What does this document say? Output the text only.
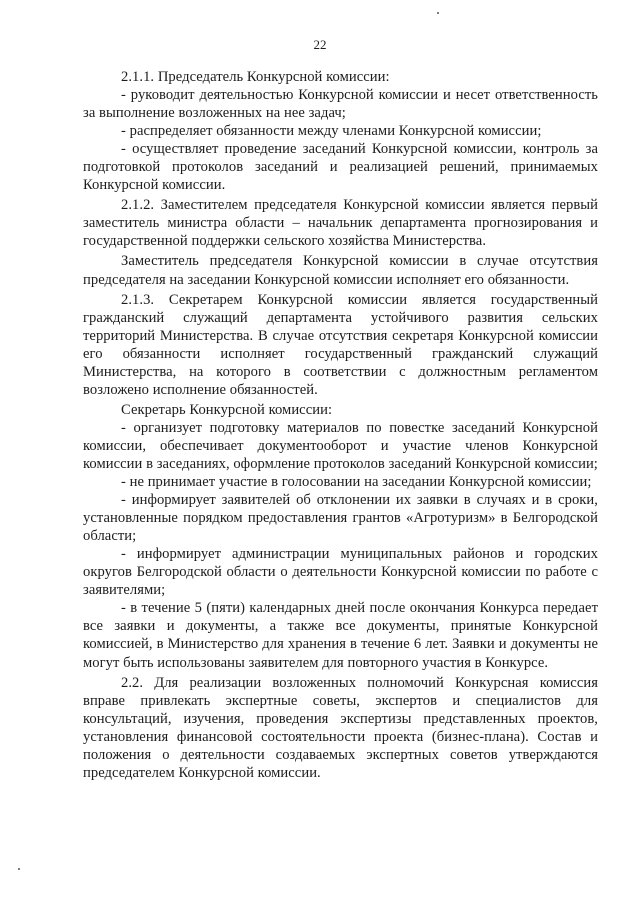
22

2.1.1. Председатель Конкурсной комиссии:

- руководит деятельностью Конкурсной комиссии и несет ответственность за выполнение возложенных на нее задач;

- распределяет обязанности между членами Конкурсной комиссии;

- осуществляет проведение заседаний Конкурсной комиссии, контроль за подготовкой протоколов заседаний и реализацией решений, принимаемых Конкурсной комиссии.

2.1.2. Заместителем председателя Конкурсной комиссии является первый заместитель министра области – начальник департамента прогнозирования и государственной поддержки сельского хозяйства Министерства.

Заместитель председателя Конкурсной комиссии в случае отсутствия председателя на заседании Конкурсной комиссии исполняет его обязанности.

2.1.3. Секретарем Конкурсной комиссии является государственный гражданский служащий департамента устойчивого развития сельских территорий Министерства. В случае отсутствия секретаря Конкурсной комиссии его обязанности исполняет государственный гражданский служащий Министерства, на которого в соответствии с должностным регламентом возложено исполнение обязанностей.

Секретарь Конкурсной комиссии:

- организует подготовку материалов по повестке заседаний Конкурсной комиссии, обеспечивает документооборот и участие членов Конкурсной комиссии в заседаниях, оформление протоколов заседаний Конкурсной комиссии;

- не принимает участие в голосовании на заседании Конкурсной комиссии;

- информирует заявителей об отклонении их заявки в случаях и в сроки, установленные порядком предоставления грантов «Агротуризм» в Белгородской области;

- информирует администрации муниципальных районов и городских округов Белгородской области о деятельности Конкурсной комиссии по работе с заявителями;

- в течение 5 (пяти) календарных дней после окончания Конкурса передает все заявки и документы, а также все документы, принятые Конкурсной комиссией, в Министерство для хранения в течение 6 лет. Заявки и документы не могут быть использованы заявителем для повторного участия в Конкурсе.

2.2. Для реализации возложенных полномочий Конкурсная комиссия вправе привлекать экспертные советы, экспертов и специалистов для консультаций, изучения, проведения экспертизы представленных проектов, установления финансовой состоятельности проекта (бизнес-плана). Состав и положения о деятельности создаваемых экспертных советов утверждаются председателем Конкурсной комиссии.
